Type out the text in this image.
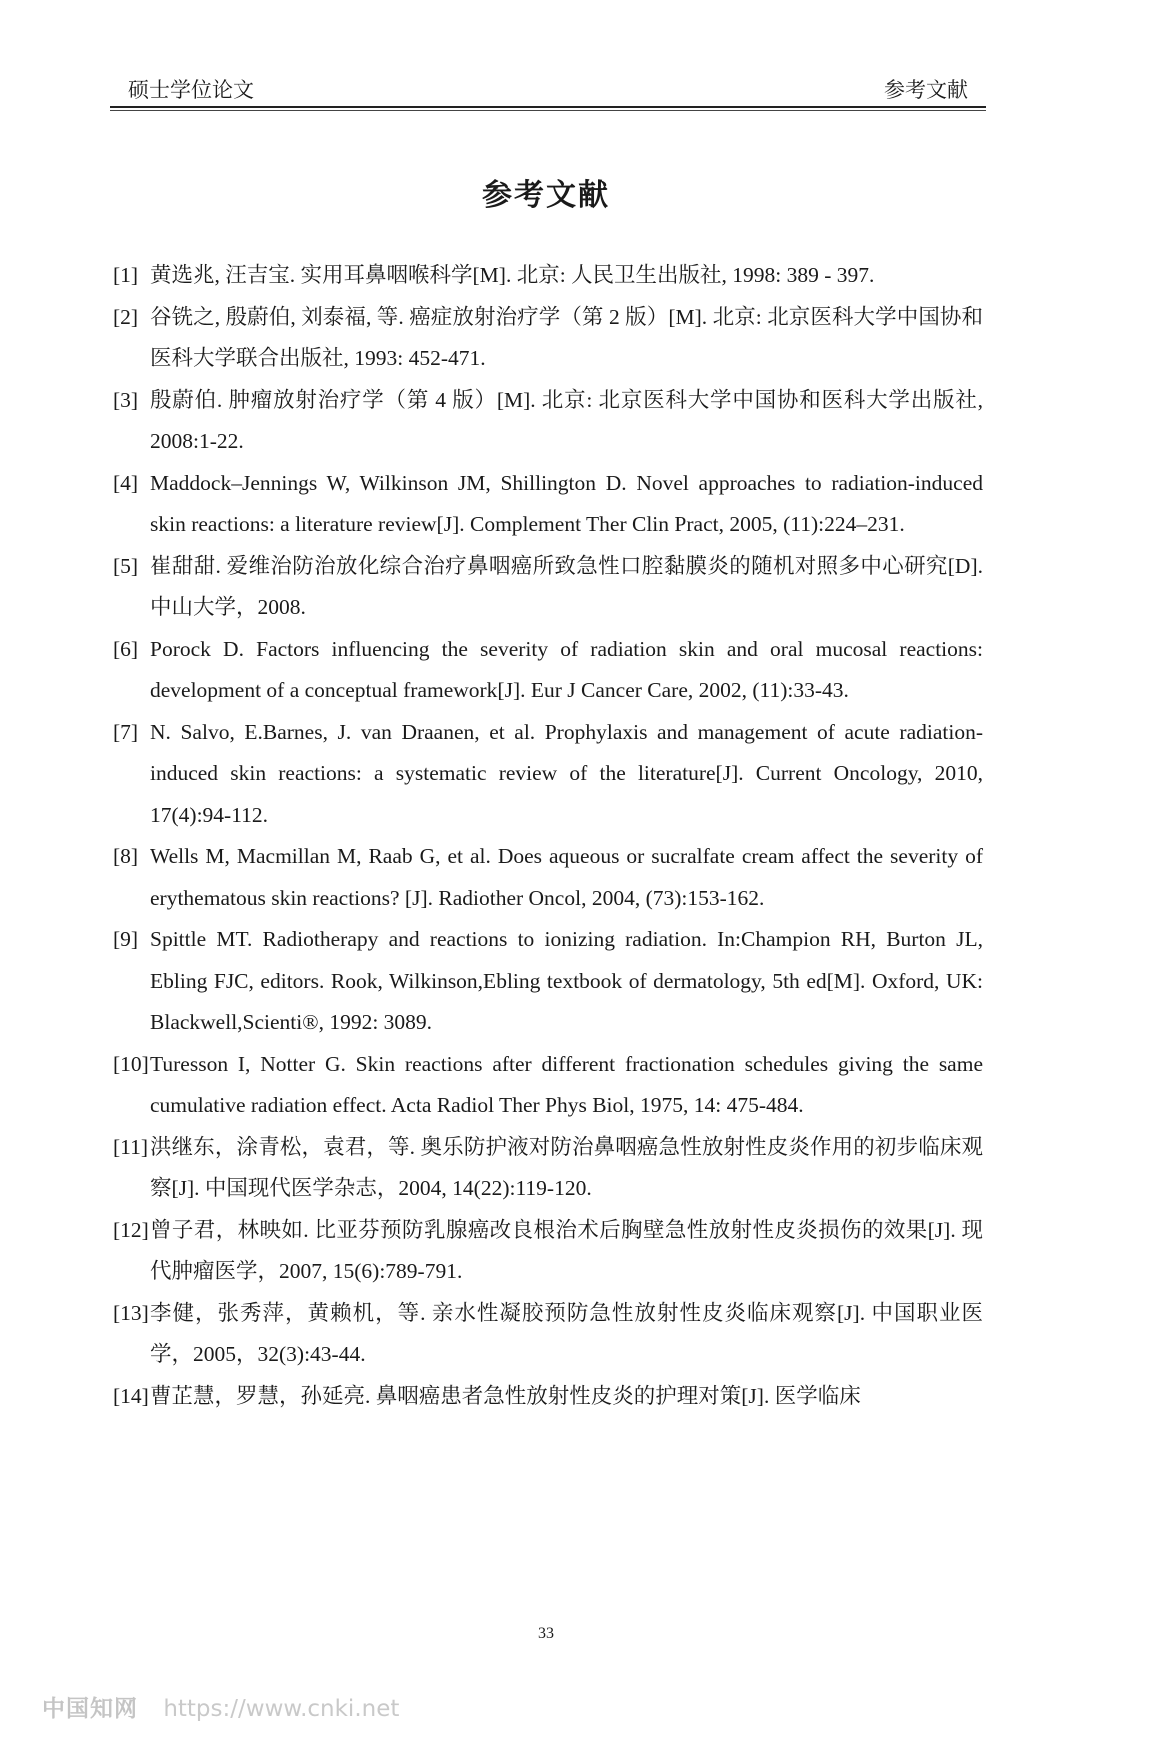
硕士学位论文	参考文献
参考文献
[1] 黄选兆, 汪吉宝. 实用耳鼻咽喉科学[M]. 北京: 人民卫生出版社, 1998: 389 - 397.
[2] 谷铣之, 殷蔚伯, 刘泰福, 等. 癌症放射治疗学（第 2 版）[M]. 北京: 北京医科大学中国协和医科大学联合出版社, 1993: 452-471.
[3] 殷蔚伯. 肿瘤放射治疗学（第 4 版）[M]. 北京: 北京医科大学中国协和医科大学出版社, 2008:1-22.
[4] Maddock–Jennings W, Wilkinson JM, Shillington D. Novel approaches to radiation-induced skin reactions: a literature review[J]. Complement Ther Clin Pract, 2005, (11):224–231.
[5] 崔甜甜. 爱维治防治放化综合治疗鼻咽癌所致急性口腔黏膜炎的随机对照多中心研究[D]. 中山大学，2008.
[6] Porock D. Factors influencing the severity of radiation skin and oral mucosal reactions: development of a conceptual framework[J]. Eur J Cancer Care, 2002, (11):33-43.
[7] N. Salvo, E.Barnes, J. van Draanen, et al. Prophylaxis and management of acute radiation-induced skin reactions: a systematic review of the literature[J]. Current Oncology, 2010, 17(4):94-112.
[8] Wells M, Macmillan M, Raab G, et al. Does aqueous or sucralfate cream affect the severity of erythematous skin reactions? [J]. Radiother Oncol, 2004, (73):153-162.
[9] Spittle MT. Radiotherapy and reactions to ionizing radiation. In:Champion RH, Burton JL, Ebling FJC, editors. Rook, Wilkinson,Ebling textbook of dermatology, 5th ed[M]. Oxford, UK: Blackwell,Scienti®, 1992: 3089.
[10] Turesson I, Notter G. Skin reactions after different fractionation schedules giving the same cumulative radiation effect. Acta Radiol Ther Phys Biol, 1975, 14: 475-484.
[11] 洪继东，涂青松，袁君，等. 奥乐防护液对防治鼻咽癌急性放射性皮炎作用的初步临床观察[J]. 中国现代医学杂志，2004, 14(22):119-120.
[12] 曾子君，林映如. 比亚芬预防乳腺癌改良根治术后胸壁急性放射性皮炎损伤的效果[J]. 现代肿瘤医学，2007, 15(6):789-791.
[13] 李健，张秀萍，黄赖机，等. 亲水性凝胶预防急性放射性皮炎临床观察[J]. 中国职业医学，2005，32(3):43-44.
[14] 曹芷慧，罗慧，孙延亮. 鼻咽癌患者急性放射性皮炎的护理对策[J]. 医学临床
33
中国知网 https://www.cnki.net
